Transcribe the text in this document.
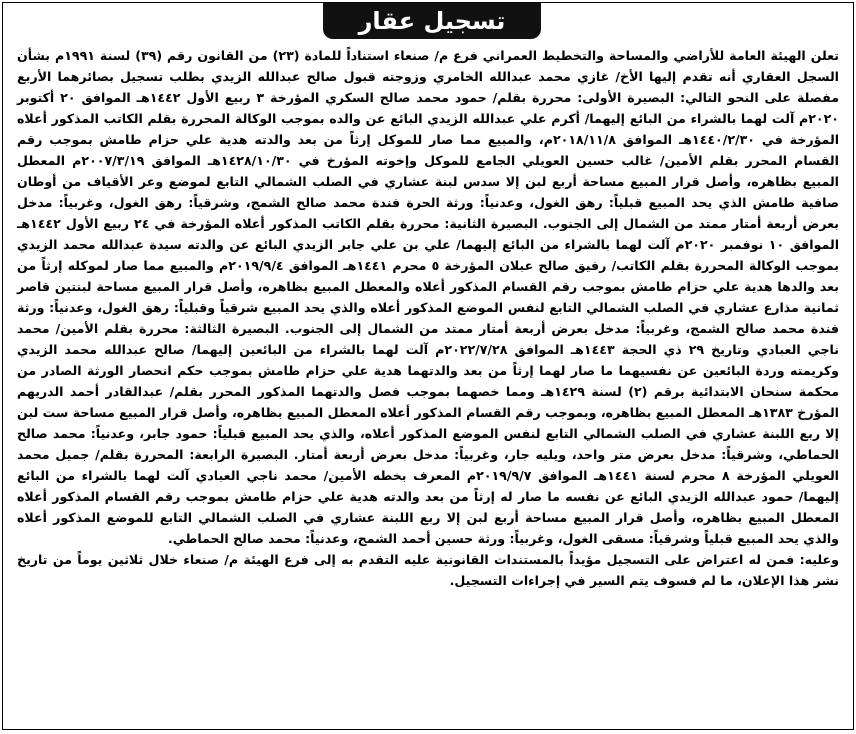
تسجيل عقار

تعلن الهيئة العامة للأراضي والمساحة والتخطيط العمراني فرع م/ صنعاء استناداً للمادة (٢٣) من القانون رقم (٣٩) لسنة ١٩٩١م بشأن السجل العقاري أنه تقدم إليها الأخ/ غازي محمد عبدالله الخامري وزوجته قبول صالح عبدالله الزيدي بطلب تسجيل بصائرهما الأربع مفصلة على النحو التالي: البصيرة الأولى: محررة بقلم/ حمود محمد صالح السكري المؤرخة ٣ ربيع الأول ١٤٤٢هـ الموافق ٢٠ أكتوبر ٢٠٢٠م آلت لهما بالشراء من البائع إليهما/ أكرم علي عبدالله الزيدي البائع عن والده بموجب الوكالة المحررة بقلم الكاتب المذكور أعلاه المؤرخة في ١٤٤٠/٢/٣٠هـ الموافق ٢٠١٨/١١/٨م، والمبيع مما صار للموكل إرثاً من بعد والدته هدية علي حزام طامش بموجب رقم القسام المحرر بقلم الأمين/ غالب حسين العويلي الجامع للموكل وإخوته المؤرخ في ١٤٢٨/١٠/٣٠هـ الموافق ٢٠٠٧/٣/١٩م المعطل المبيع بظاهره، وأصل قرار المبيع مساحة أربع لبن إلا سدس لبنة عشاري في الصلب الشمالي التابع لموضع وعر الأقياف من أوطان صافية طامش الذي يحد المبيع قبلياً: رهق الغول، وعدنياً: ورثة الحرة فندة محمد صالح الشمج، وشرقياً: رهق الغول، وغربياً: مدخل بعرض أربعة أمتار ممتد من الشمال إلى الجنوب. البصيرة الثانية: محررة بقلم الكاتب المذكور أعلاه المؤرخة في ٢٤ ربيع الأول ١٤٤٢هـ الموافق ١٠ نوفمبر ٢٠٢٠م آلت لهما بالشراء من البائع إليهما/ علي بن علي جابر الزيدي البائع عن والدته سيدة عبدالله محمد الزيدي بموجب الوكالة المحررة بقلم الكاتب/ رفيق صالح عبلان المؤرخة ٥ محرم ١٤٤١هـ الموافق ٢٠١٩/٩/٤م والمبيع مما صار لموكله إرثاً من بعد والدها هدية علي حزام طامش بموجب رقم القسام المذكور أعلاه والمعطل المبيع بظاهره، وأصل قرار المبيع مساحة لبنتين قاصر ثمانية مذارع عشاري في الصلب الشمالي التابع لنفس الموضع المذكور أعلاه والذي يحد المبيع شرقياً وقبلياً: رهق الغول، وعدنياً: ورثة فندة محمد صالح الشمج، وغربياً: مدخل بعرض أربعة أمتار ممتد من الشمال إلى الجنوب. البصيرة الثالثة: محررة بقلم الأمين/ محمد ناجي العبادي وتاريخ ٢٩ ذي الحجة ١٤٤٣هـ الموافق ٢٠٢٢/٧/٢٨م آلت لهما بالشراء من البائعين إليهما/ صالح عبدالله محمد الزيدي وكريمته وردة البائعين عن نفسيهما ما صار لهما إرثاً من بعد والدتهما هدية علي حزام طامش بموجب حكم انحصار الورثة الصادر من محكمة سنحان الابتدائية برقم (٢) لسنة ١٤٢٩هـ ومما خصهما بموجب فصل والدتهما المذكور المحرر بقلم/ عبدالقادر أحمد الدريهم المؤرخ ١٣٨٣هـ المعطل المبيع بظاهره، وبموجب رقم القسام المذكور أعلاه المعطل المبيع بظاهره، وأصل قرار المبيع مساحة ست لبن إلا ربع اللبنة عشاري في الصلب الشمالي التابع لنفس الموضع المذكور أعلاه، والذي يحد المبيع قبلياً: حمود جابر، وعدنياً: محمد صالح الحماطي، وشرقياً: مدخل بعرض متر واحد، ويليه جار، وغربياً: مدخل بعرض أربعة أمتار. البصيرة الرابعة: المحررة بقلم/ جميل محمد العويلي المؤرخة ٨ محرم لسنة ١٤٤١هـ الموافق ٢٠١٩/٩/٧م المعرف بخطه الأمين/ محمد ناجي العبادي آلت لهما بالشراء من البائع إليهما/ حمود عبدالله الزيدي البائع عن نفسه ما صار له إرثاً من بعد والدته هدية علي حزام طامش بموجب رقم القسام المذكور أعلاه المعطل المبيع بظاهره، وأصل قرار المبيع مساحة أربع لبن إلا ربع اللبنة عشاري في الصلب الشمالي التابع للموضع المذكور أعلاه والذي يحد المبيع قبلياً وشرقياً: مسقى الغول، وغربياً: ورثة حسين أحمد الشمج، وعدنياً: محمد صالح الحماطي.

وعليه: فمن له اعتراض على التسجيل مؤيداً بالمستندات القانونية عليه التقدم به إلى فرع الهيئة م/ صنعاء خلال ثلاثين يوماً من تاريخ نشر هذا الإعلان، ما لم فسوف يتم السير في إجراءات التسجيل.
